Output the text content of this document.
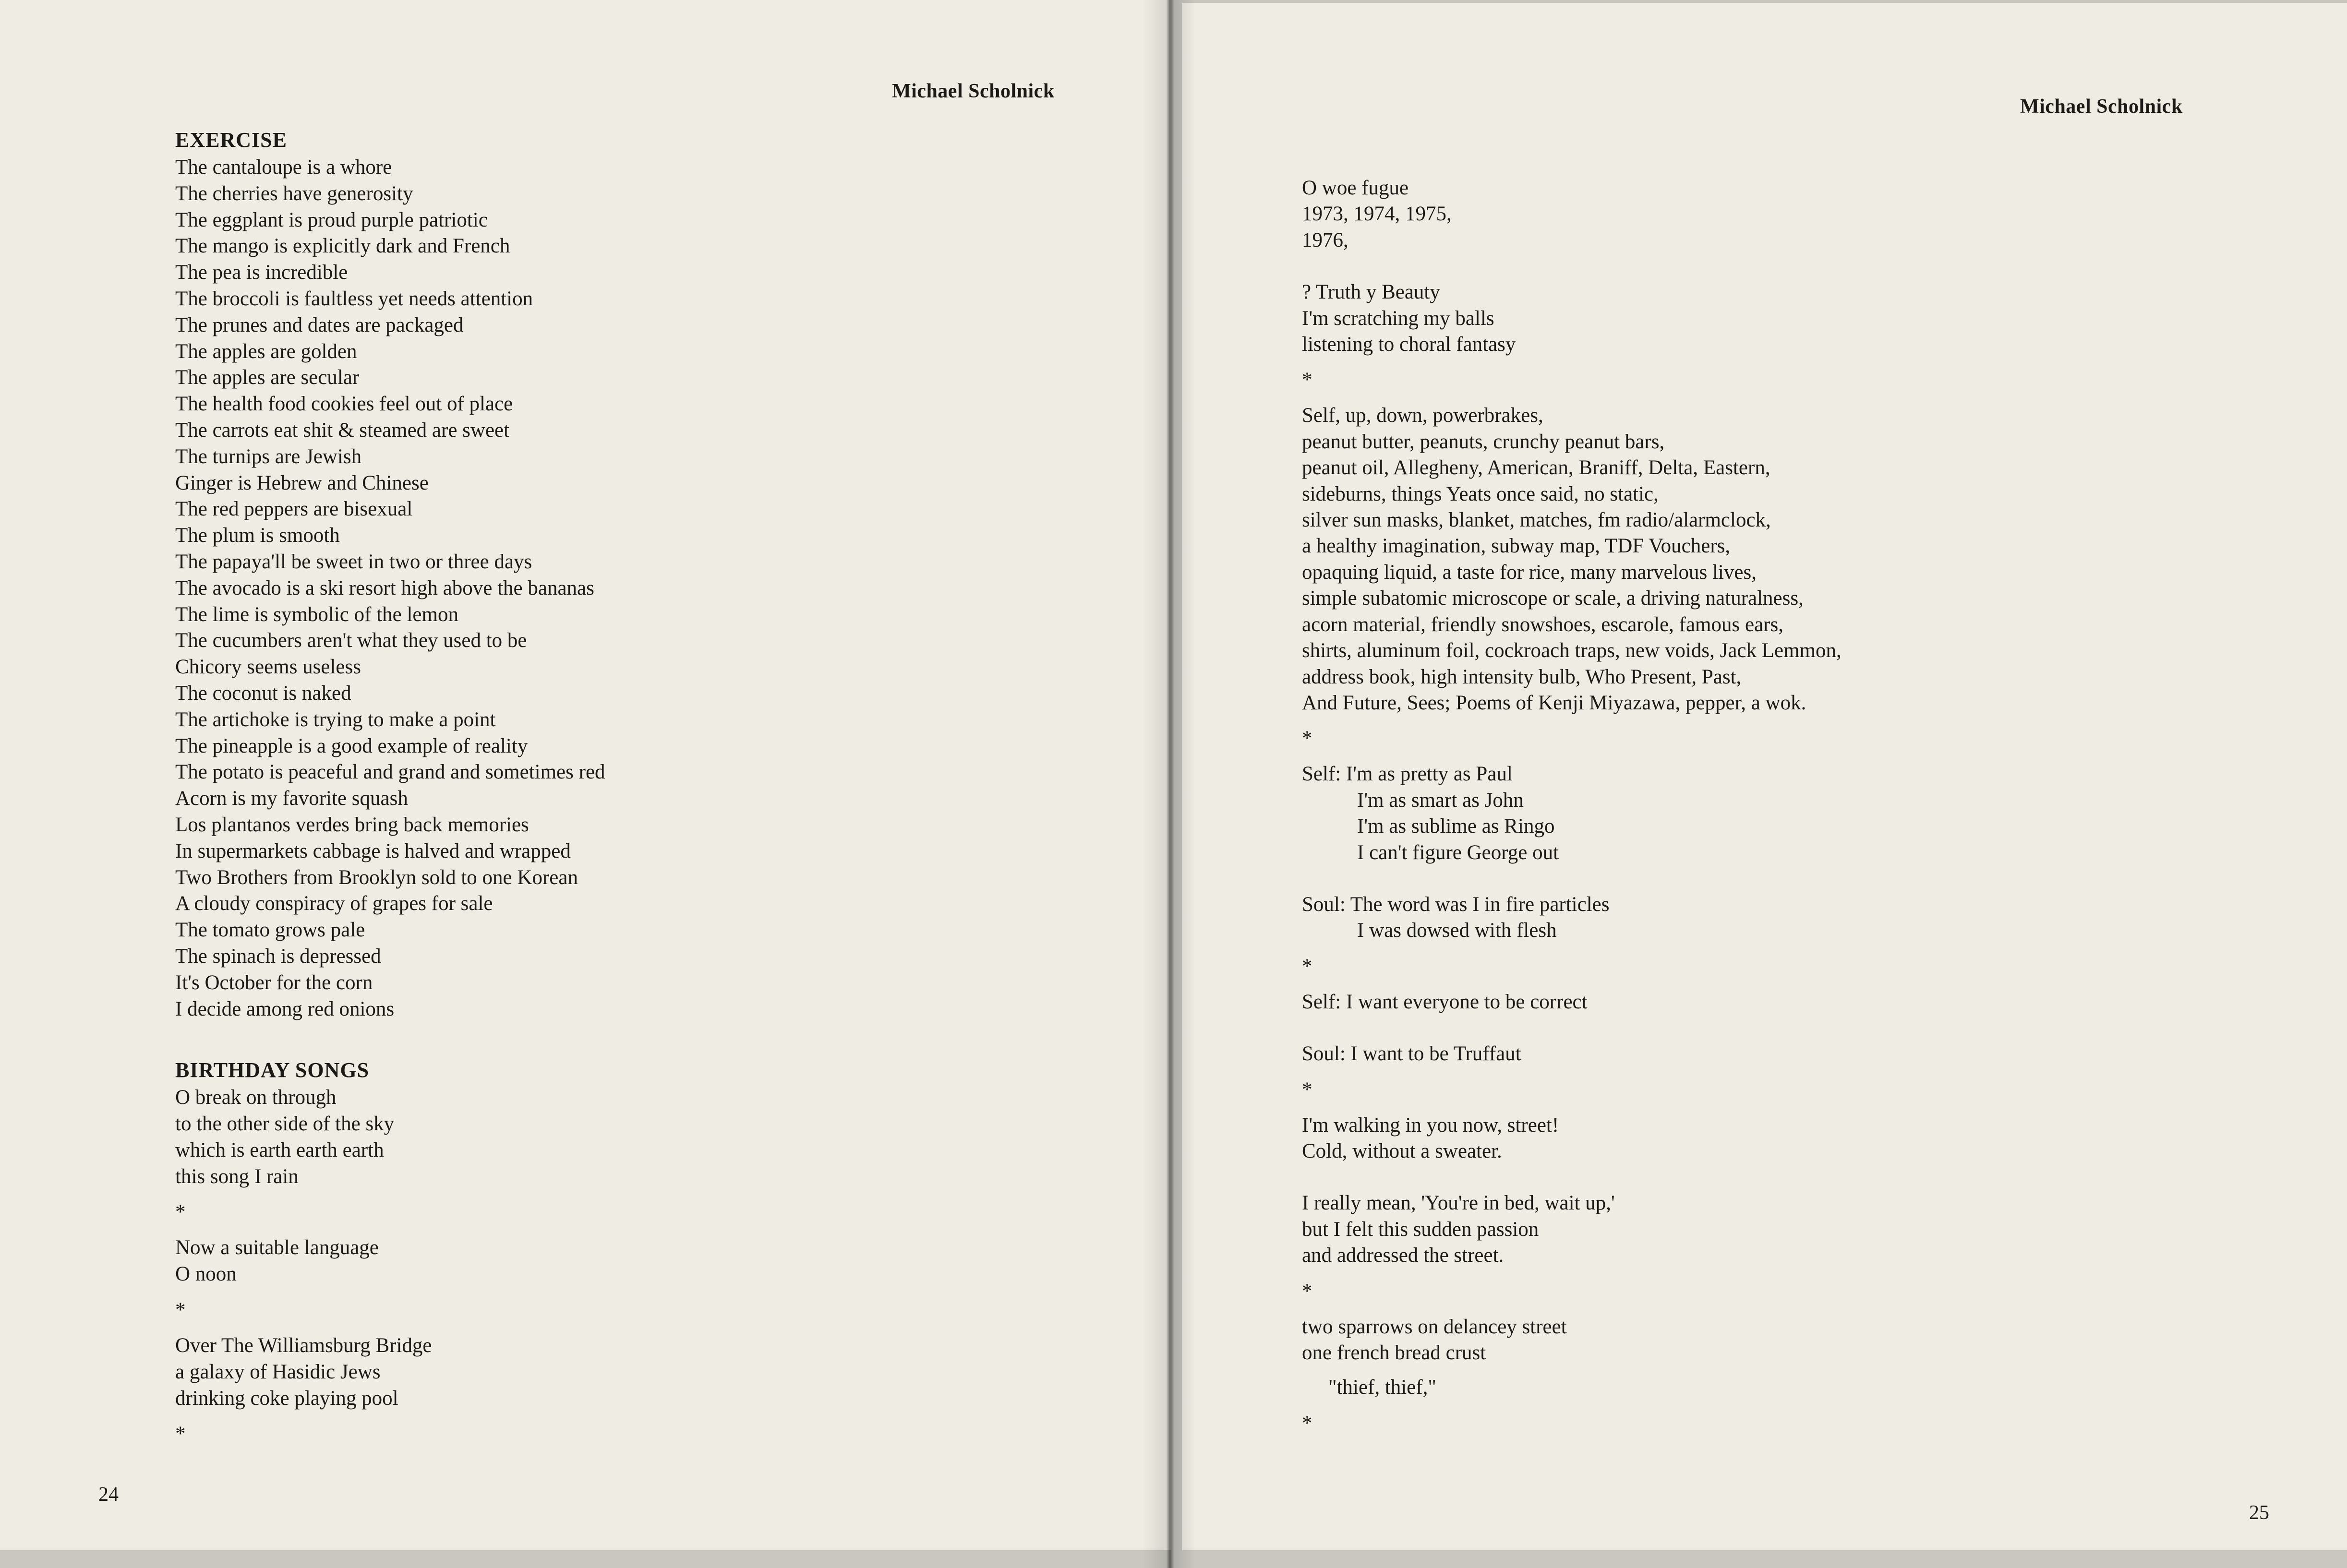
Michael Scholnick
EXERCISE
The cantaloupe is a whore
The cherries have generosity
The eggplant is proud purple patriotic
The mango is explicitly dark and French
The pea is incredible
The broccoli is faultless yet needs attention
The prunes and dates are packaged
The apples are golden
The apples are secular
The health food cookies feel out of place
The carrots eat shit & steamed are sweet
The turnips are Jewish
Ginger is Hebrew and Chinese
The red peppers are bisexual
The plum is smooth
The papaya'll be sweet in two or three days
The avocado is a ski resort high above the bananas
The lime is symbolic of the lemon
The cucumbers aren't what they used to be
Chicory seems useless
The coconut is naked
The artichoke is trying to make a point
The pineapple is a good example of reality
The potato is peaceful and grand and sometimes red
Acorn is my favorite squash
Los plantanos verdes bring back memories
In supermarkets cabbage is halved and wrapped
Two Brothers from Brooklyn sold to one Korean
A cloudy conspiracy of grapes for sale
The tomato grows pale
The spinach is depressed
It's October for the corn
I decide among red onions
BIRTHDAY SONGS
O break on through
to the other side of the sky
which is earth earth earth
this song I rain
*
Now a suitable language
O noon
*
Over The Williamsburg Bridge
a galaxy of Hasidic Jews
drinking coke playing pool
*
24
Michael Scholnick
O woe fugue
1973, 1974, 1975,
1976,
? Truth y Beauty
I'm scratching my balls
listening to choral fantasy
*
Self, up, down, powerbrakes,
peanut butter, peanuts, crunchy peanut bars,
peanut oil, Allegheny, American, Braniff, Delta, Eastern,
sideburns, things Yeats once said, no static,
silver sun masks, blanket, matches, fm radio/alarmclock,
a healthy imagination, subway map, TDF Vouchers,
opaquing liquid, a taste for rice, many marvelous lives,
simple subatomic microscope or scale, a driving naturalness,
acorn material, friendly snowshoes, escarole, famous ears,
shirts, aluminum foil, cockroach traps, new voids, Jack Lemmon,
address book, high intensity bulb, Who Present, Past,
And Future, Sees; Poems of Kenji Miyazawa, pepper, a wok.
*
Self: I'm as pretty as Paul
I'm as smart as John
I'm as sublime as Ringo
I can't figure George out
Soul: The word was I in fire particles
I was dowsed with flesh
*
Self: I want everyone to be correct
Soul: I want to be Truffaut
*
I'm walking in you now, street!
Cold, without a sweater.
I really mean, 'You're in bed, wait up,'
but I felt this sudden passion
and addressed the street.
*
two sparrows on delancey street
one french bread crust
"thief, thief,"
*
25
